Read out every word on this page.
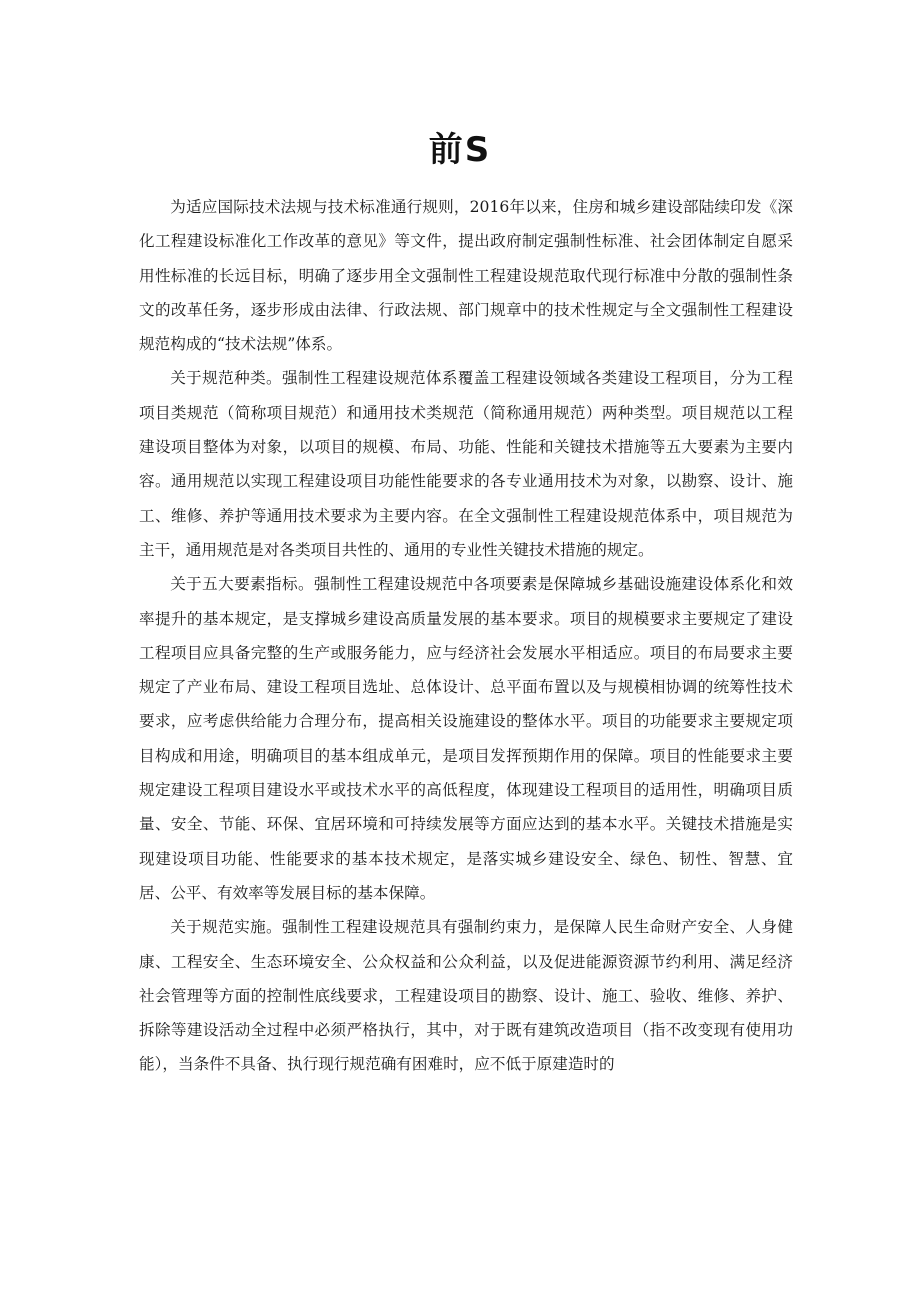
前S

为适应国际技术法规与技术标准通行规则，2016年以来，住房和城乡建设部陆续印发《深化工程建设标准化工作改革的意见》等文件，提出政府制定强制性标准、社会团体制定自愿采用性标准的长远目标，明确了逐步用全文强制性工程建设规范取代现行标准中分散的强制性条文的改革任务，逐步形成由法律、行政法规、部门规章中的技术性规定与全文强制性工程建设规范构成的“技术法规”体系。

关于规范种类。强制性工程建设规范体系覆盖工程建设领域各类建设工程项目，分为工程项目类规范（简称项目规范）和通用技术类规范（简称通用规范）两种类型。项目规范以工程建设项目整体为对象，以项目的规模、布局、功能、性能和关键技术措施等五大要素为主要内容。通用规范以实现工程建设项目功能性能要求的各专业通用技术为对象，以勘察、设计、施工、维修、养护等通用技术要求为主要内容。在全文强制性工程建设规范体系中，项目规范为主干，通用规范是对各类项目共性的、通用的专业性关键技术措施的规定。

关于五大要素指标。强制性工程建设规范中各项要素是保障城乡基础设施建设体系化和效率提升的基本规定，是支撑城乡建设高质量发展的基本要求。项目的规模要求主要规定了建设工程项目应具备完整的生产或服务能力，应与经济社会发展水平相适应。项目的布局要求主要规定了产业布局、建设工程项目选址、总体设计、总平面布置以及与规模相协调的统筹性技术要求，应考虑供给能力合理分布，提高相关设施建设的整体水平。项目的功能要求主要规定项目构成和用途，明确项目的基本组成单元，是项目发挥预期作用的保障。项目的性能要求主要规定建设工程项目建设水平或技术水平的高低程度，体现建设工程项目的适用性，明确项目质量、安全、节能、环保、宜居环境和可持续发展等方面应达到的基本水平。关键技术措施是实现建设项目功能、性能要求的基本技术规定，是落实城乡建设安全、绿色、韧性、智慧、宜居、公平、有效率等发展目标的基本保障。

关于规范实施。强制性工程建设规范具有强制约束力，是保障人民生命财产安全、人身健康、工程安全、生态环境安全、公众权益和公众利益，以及促进能源资源节约利用、满足经济社会管理等方面的控制性底线要求，工程建设项目的勘察、设计、施工、验收、维修、养护、拆除等建设活动全过程中必须严格执行，其中，对于既有建筑改造项目（指不改变现有使用功能），当条件不具备、执行现行规范确有困难时，应不低于原建造时的
